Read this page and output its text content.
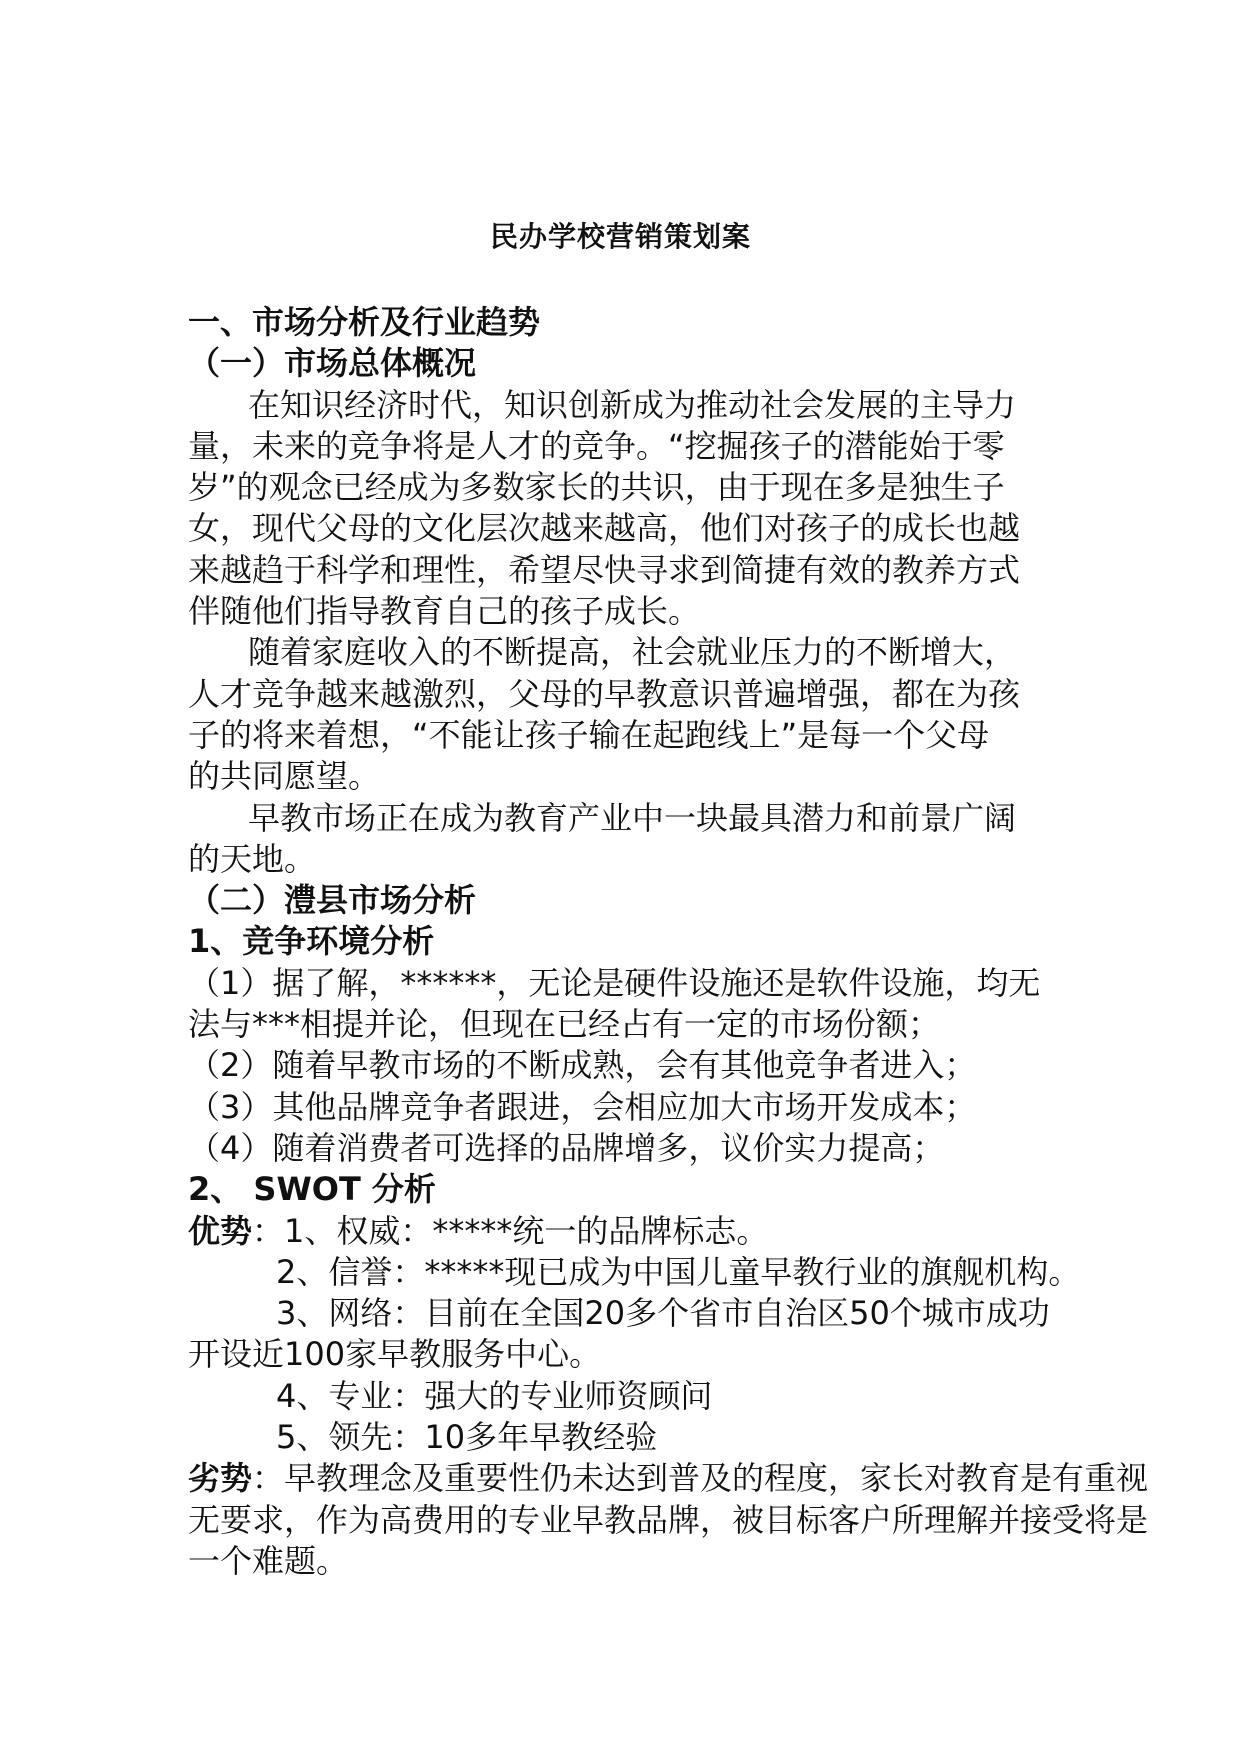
民办学校营销策划案
一、市场分析及行业趋势
（一）市场总体概况
在知识经济时代，知识创新成为推动社会发展的主导力
量，未来的竞争将是人才的竞争。“挖掘孩子的潜能始于零
岁”的观念已经成为多数家长的共识，由于现在多是独生子
女，现代父母的文化层次越来越高，他们对孩子的成长也越
来越趋于科学和理性，希望尽快寻求到简捷有效的教养方式
伴随他们指导教育自己的孩子成长。
随着家庭收入的不断提高，社会就业压力的不断增大，
人才竞争越来越激烈，父母的早教意识普遍增强，都在为孩
子的将来着想，“不能让孩子输在起跑线上”是每一个父母
的共同愿望。
早教市场正在成为教育产业中一块最具潜力和前景广阔
的天地。
（二）澧县市场分析
1、竞争环境分析
（1）据了解，******，无论是硬件设施还是软件设施，均无
法与***相提并论，但现在已经占有一定的市场份额；
（2）随着早教市场的不断成熟，会有其他竞争者进入；
（3）其他品牌竞争者跟进，会相应加大市场开发成本；
（4）随着消费者可选择的品牌增多，议价实力提高；
2、 SWOT 分析
优势：1、权威：*****统一的品牌标志。
2、信誉：*****现已成为中国儿童早教行业的旗舰机构。
3、网络：目前在全国20多个省市自治区50个城市成功
开设近100家早教服务中心。
4、专业：强大的专业师资顾问
5、领先：10多年早教经验
劣势：早教理念及重要性仍未达到普及的程度，家长对教育是有重视
无要求，作为高费用的专业早教品牌，被目标客户所理解并接受将是
一个难题。
